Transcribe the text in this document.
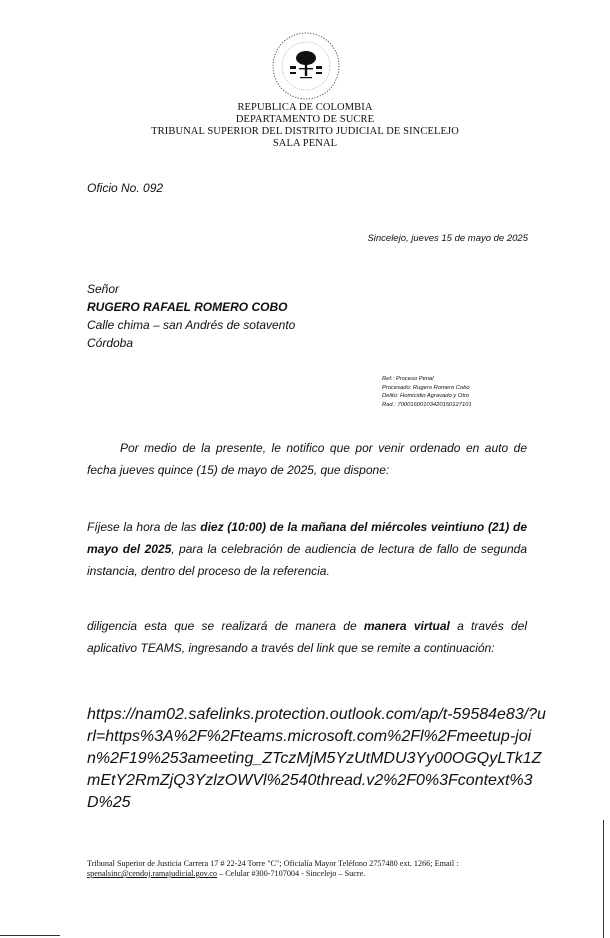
REPUBLICA DE COLOMBIA
DEPARTAMENTO DE SUCRE
TRIBUNAL SUPERIOR DEL DISTRITO JUDICIAL DE SINCELEJO
SALA PENAL
Oficio No. 092
Sincelejo, jueves 15 de mayo de 2025
Señor
RUGERO RAFAEL ROMERO COBO
Calle chima – san Andrés de sotavento
Córdoba
Ref.: Proceso Penal
Procesado: Rugero Romero Cobo
Delito: Homicidio Agravado y Otro
Rad.: 70001600103420150127101
Por medio de la presente, le notifico que por venir ordenado en auto de fecha jueves quince (15) de mayo de 2025, que dispone:
Fíjese la hora de las diez (10:00) de la mañana del miércoles veintiuno (21) de mayo del 2025, para la celebración de audiencia de lectura de fallo de segunda instancia, dentro del proceso de la referencia.
diligencia esta que se realizará de manera de manera virtual a través del aplicativo TEAMS, ingresando a través del link que se remite a continuación:
https://nam02.safelinks.protection.outlook.com/ap/t-59584e83/?url=https%3A%2F%2Fteams.microsoft.com%2Fl%2Fmeetup-join%2F19%253ameeting_ZTczMjM5YzUtMDU3Yy00OGQyLTk1ZmEtY2RmZjQ3YzlzOWVl%2540thread.v2%2F0%3Fcontext%3D%25
Tribunal Superior de Justicia Carrera 17 # 22-24 Torre "C"; Oficialía Mayor Teléfono 2757480 ext. 1266; Email : spenalsinc@cendoj.ramajudicial.gov.co – Celular #300-7107004 - Sincelejo – Sucre.
